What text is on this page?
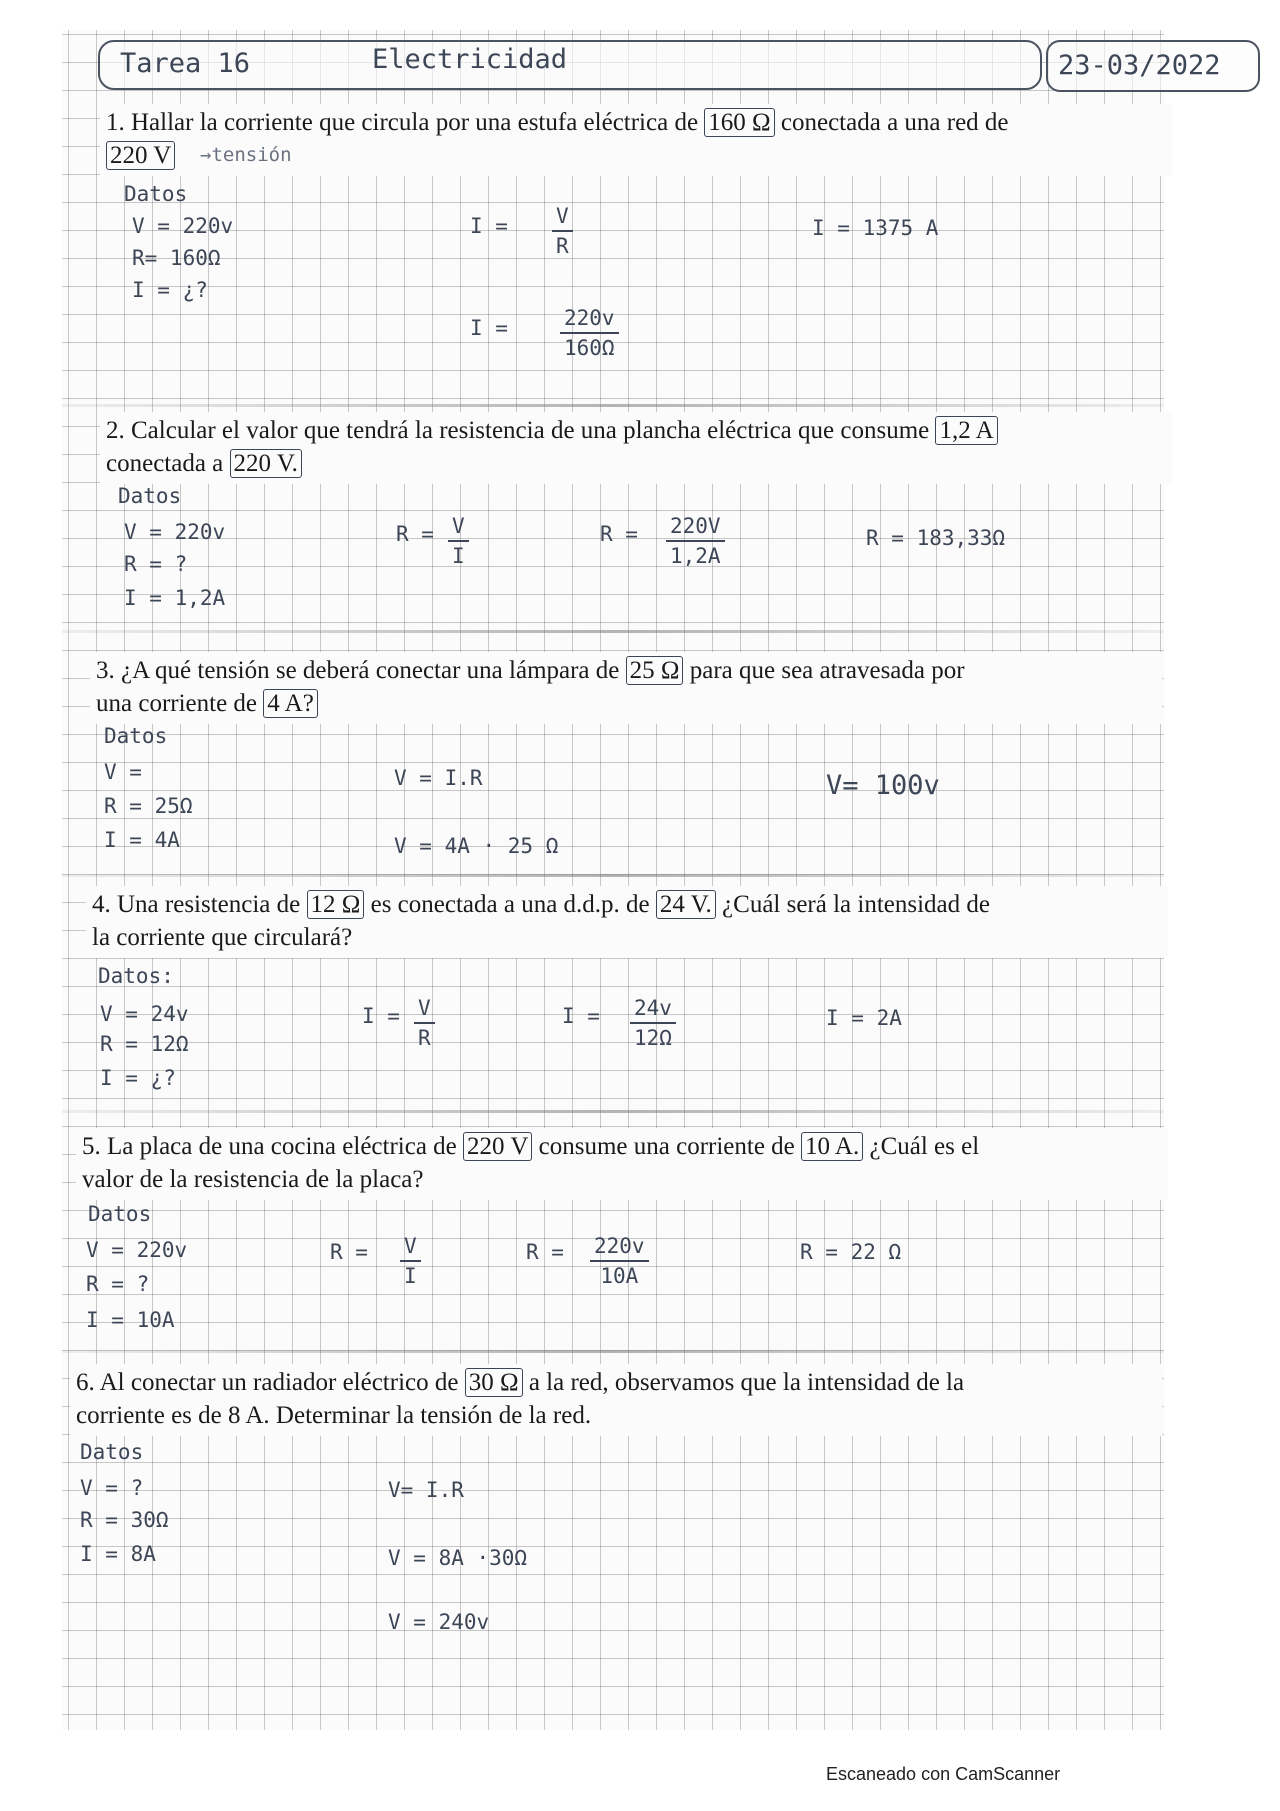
Tarea 16	Electricidad	23-03/2022
1. Hallar la corriente que circula por una estufa eléctrica de 160 Ω conectada a una red de
220 V	→tensión
Datos
V = 220v
R= 160Ω
I = ¿?
$I = \frac{V}{R}$
$I = \frac{220v}{160\Omega}$
I = 1375 A
2. Calcular el valor que tendrá la resistencia de una plancha eléctrica que consume 1,2 A
conectada a 220 V.
Datos
V = 220v
R = ?
I = 1,2A
$R = \frac{V}{I}$	$R = \frac{220V}{1,2A}$	R = 183,33Ω
3. ¿A qué tensión se deberá conectar una lámpara de 25 Ω para que sea atravesada por
una corriente de 4 A?
Datos
V =
R = 25Ω
I = 4A
V = I.R
V = 4A · 25 Ω
V= 100v
4. Una resistencia de 12 Ω es conectada a una d.d.p. de 24 V. ¿Cuál será la intensidad de
la corriente que circulará?
Datos:
V = 24v
R = 12Ω
I = ¿?
$I = \frac{V}{R}$	$I = \frac{24v}{12\Omega}$	I = 2A
5. La placa de una cocina eléctrica de 220 V consume una corriente de 10 A. ¿Cuál es el
valor de la resistencia de la placa?
Datos
V = 220v
R = ?
I = 10A
$R = \frac{V}{I}$	$R = \frac{220v}{10A}$	R = 22 Ω
6. Al conectar un radiador eléctrico de 30 Ω a la red, observamos que la intensidad de la
corriente es de 8 A. Determinar la tensión de la red.
Datos
V = ?
R = 30Ω
I = 8A
V= I.R
V = 8A ·30Ω
V = 240v
Escaneado con CamScanner
